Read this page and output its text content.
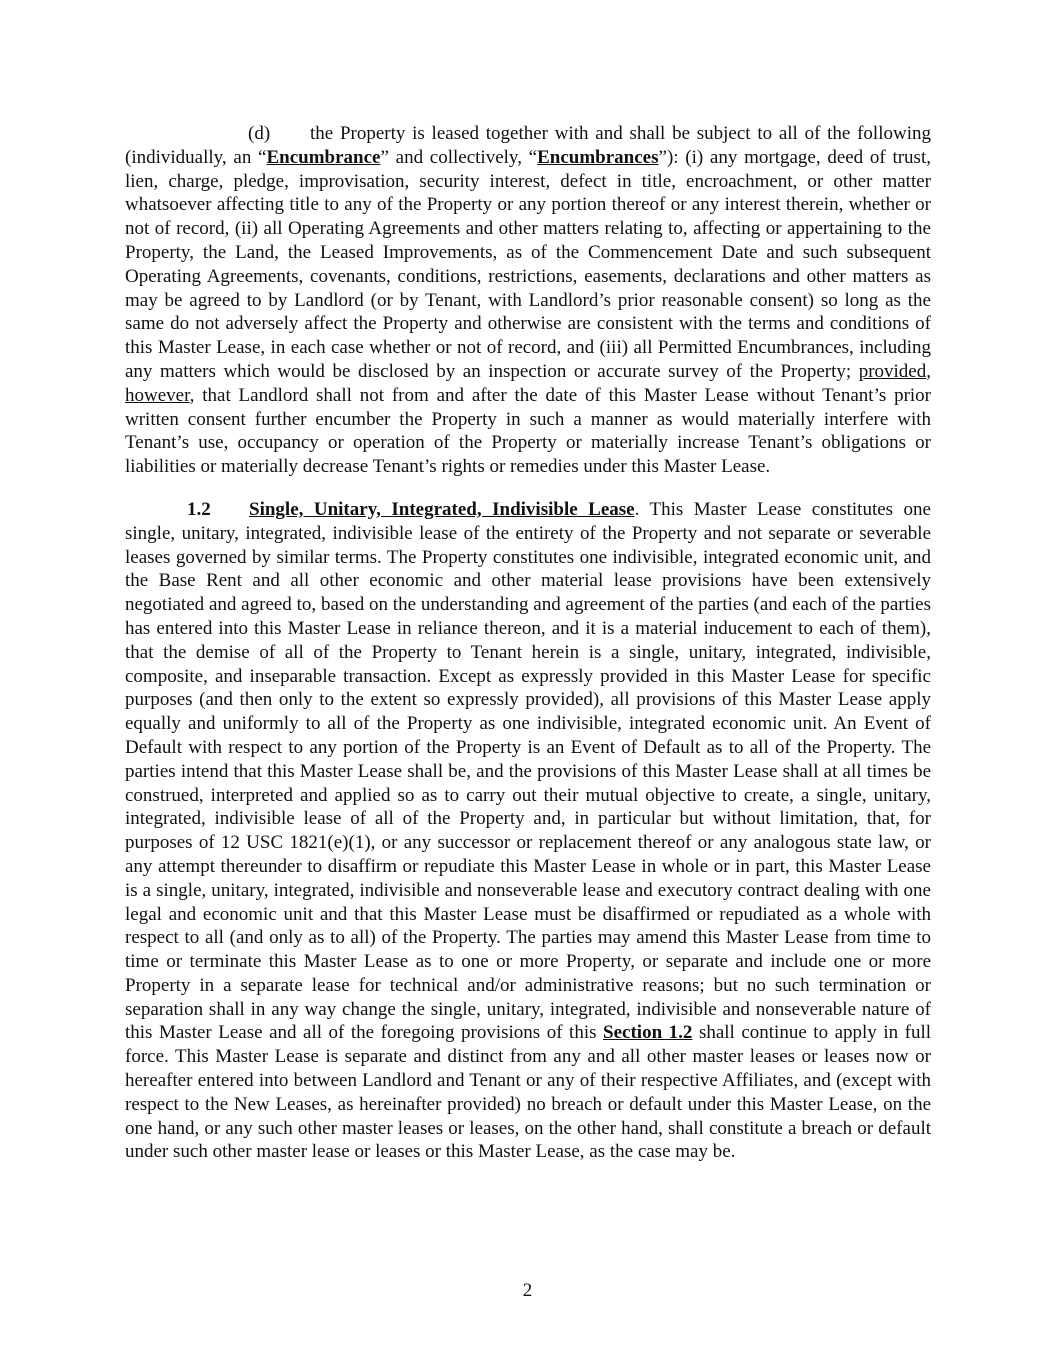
(d) the Property is leased together with and shall be subject to all of the following (individually, an “Encumbrance” and collectively, “Encumbrances”): (i) any mortgage, deed of trust, lien, charge, pledge, improvisation, security interest, defect in title, encroachment, or other matter whatsoever affecting title to any of the Property or any portion thereof or any interest therein, whether or not of record, (ii) all Operating Agreements and other matters relating to, affecting or appertaining to the Property, the Land, the Leased Improvements, as of the Commencement Date and such subsequent Operating Agreements, covenants, conditions, restrictions, easements, declarations and other matters as may be agreed to by Landlord (or by Tenant, with Landlord’s prior reasonable consent) so long as the same do not adversely affect the Property and otherwise are consistent with the terms and conditions of this Master Lease, in each case whether or not of record, and (iii) all Permitted Encumbrances, including any matters which would be disclosed by an inspection or accurate survey of the Property; provided, however, that Landlord shall not from and after the date of this Master Lease without Tenant’s prior written consent further encumber the Property in such a manner as would materially interfere with Tenant’s use, occupancy or operation of the Property or materially increase Tenant’s obligations or liabilities or materially decrease Tenant’s rights or remedies under this Master Lease.

1.2 Single, Unitary, Integrated, Indivisible Lease. This Master Lease constitutes one single, unitary, integrated, indivisible lease of the entirety of the Property and not separate or severable leases governed by similar terms. The Property constitutes one indivisible, integrated economic unit, and the Base Rent and all other economic and other material lease provisions have been extensively negotiated and agreed to, based on the understanding and agreement of the parties (and each of the parties has entered into this Master Lease in reliance thereon, and it is a material inducement to each of them), that the demise of all of the Property to Tenant herein is a single, unitary, integrated, indivisible, composite, and inseparable transaction. Except as expressly provided in this Master Lease for specific purposes (and then only to the extent so expressly provided), all provisions of this Master Lease apply equally and uniformly to all of the Property as one indivisible, integrated economic unit. An Event of Default with respect to any portion of the Property is an Event of Default as to all of the Property. The parties intend that this Master Lease shall be, and the provisions of this Master Lease shall at all times be construed, interpreted and applied so as to carry out their mutual objective to create, a single, unitary, integrated, indivisible lease of all of the Property and, in particular but without limitation, that, for purposes of 12 USC 1821(e)(1), or any successor or replacement thereof or any analogous state law, or any attempt thereunder to disaffirm or repudiate this Master Lease in whole or in part, this Master Lease is a single, unitary, integrated, indivisible and nonseverable lease and executory contract dealing with one legal and economic unit and that this Master Lease must be disaffirmed or repudiated as a whole with respect to all (and only as to all) of the Property. The parties may amend this Master Lease from time to time or terminate this Master Lease as to one or more Property, or separate and include one or more Property in a separate lease for technical and/or administrative reasons; but no such termination or separation shall in any way change the single, unitary, integrated, indivisible and nonseverable nature of this Master Lease and all of the foregoing provisions of this Section 1.2 shall continue to apply in full force. This Master Lease is separate and distinct from any and all other master leases or leases now or hereafter entered into between Landlord and Tenant or any of their respective Affiliates, and (except with respect to the New Leases, as hereinafter provided) no breach or default under this Master Lease, on the one hand, or any such other master leases or leases, on the other hand, shall constitute a breach or default under such other master lease or leases or this Master Lease, as the case may be.

2
